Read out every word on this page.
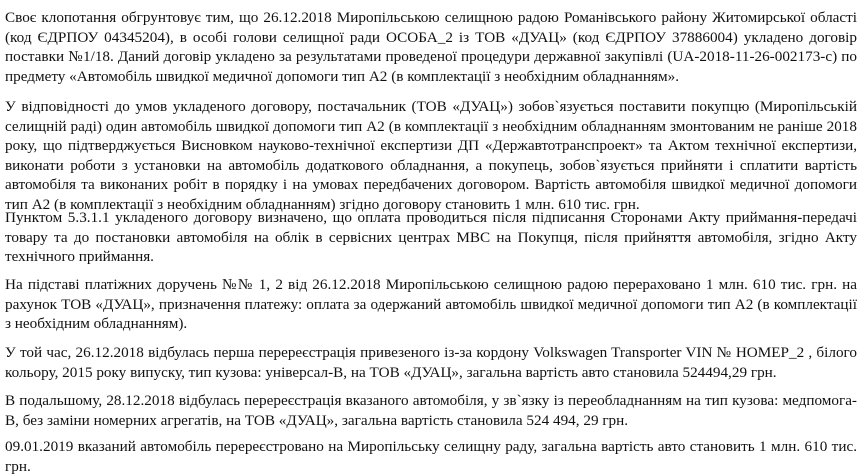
Своє клопотання обгрунтовує тим, що 26.12.2018 Миропільською селищною радою Романівського району Житомирської області (код ЄДРПОУ 04345204), в особі голови селищної ради ОСОБА_2 із ТОВ «ДУАЦ» (код ЄДРПОУ 37886004) укладено договір поставки №1/18. Даний договір укладено за результатами проведеної процедури державної закупівлі (UA-2018-11-26-002173-с) по предмету «Автомобіль швидкої медичної допомоги тип А2 (в комплектації з необхідним обладнанням».

У відповідності до умов укладеного договору, постачальник (ТОВ «ДУАЦ») зобов`язується поставити покупцю (Миропільській селищній раді) один автомобіль швидкої допомоги тип А2 (в комплектації з необхідним обладнанням змонтованим не раніше 2018 року, що підтверджується Висновком науково-технічної експертизи ДП «Державтотранспроект» та Актом технічної експертизи, виконати роботи з установки на автомобіль додаткового обладнання, а покупець, зобов`язується прийняти і сплатити вартість автомобіля та виконаних робіт в порядку і на умовах передбачених договором. Вартість автомобіля швидкої медичної допомоги тип А2 (в комплектації з необхідним обладнанням) згідно договору становить 1 млн. 610 тис. грн.

Пунктом 5.3.1.1 укладеного договору визначено, що оплата проводиться після підписання Сторонами Акту приймання-передачі товару та до постановки автомобіля на облік в сервісних центрах МВС на Покупця, після прийняття автомобіля, згідно Акту технічного приймання.

На підставі платіжних доручень №№ 1, 2 від 26.12.2018 Миропільською селищною радою перераховано 1 млн. 610 тис. грн. на рахунок ТОВ «ДУАЦ», призначення платежу: оплата за одержаний автомобіль швидкої медичної допомоги тип А2 (в комплектації з необхідним обладнанням).

У той час, 26.12.2018 відбулась перша перереєстрація привезеного із-за кордону Volkswagen Transporter VIN № НОМЕР_2 , білого кольору, 2015 року випуску, тип кузова: універсал-В, на ТОВ «ДУАЦ», загальна вартість авто становила 524494,29 грн.

В подальшому, 28.12.2018 відбулась перереєстрація вказаного автомобіля, у зв`язку із переобладнанням на тип кузова: медпомога-В, без заміни номерних агрегатів, на ТОВ «ДУАЦ», загальна вартість становила 524 494, 29 грн.

09.01.2019 вказаний автомобіль перереєстровано на Миропільську селищну раду, загальна вартість авто становить 1 млн. 610 тис. грн.
